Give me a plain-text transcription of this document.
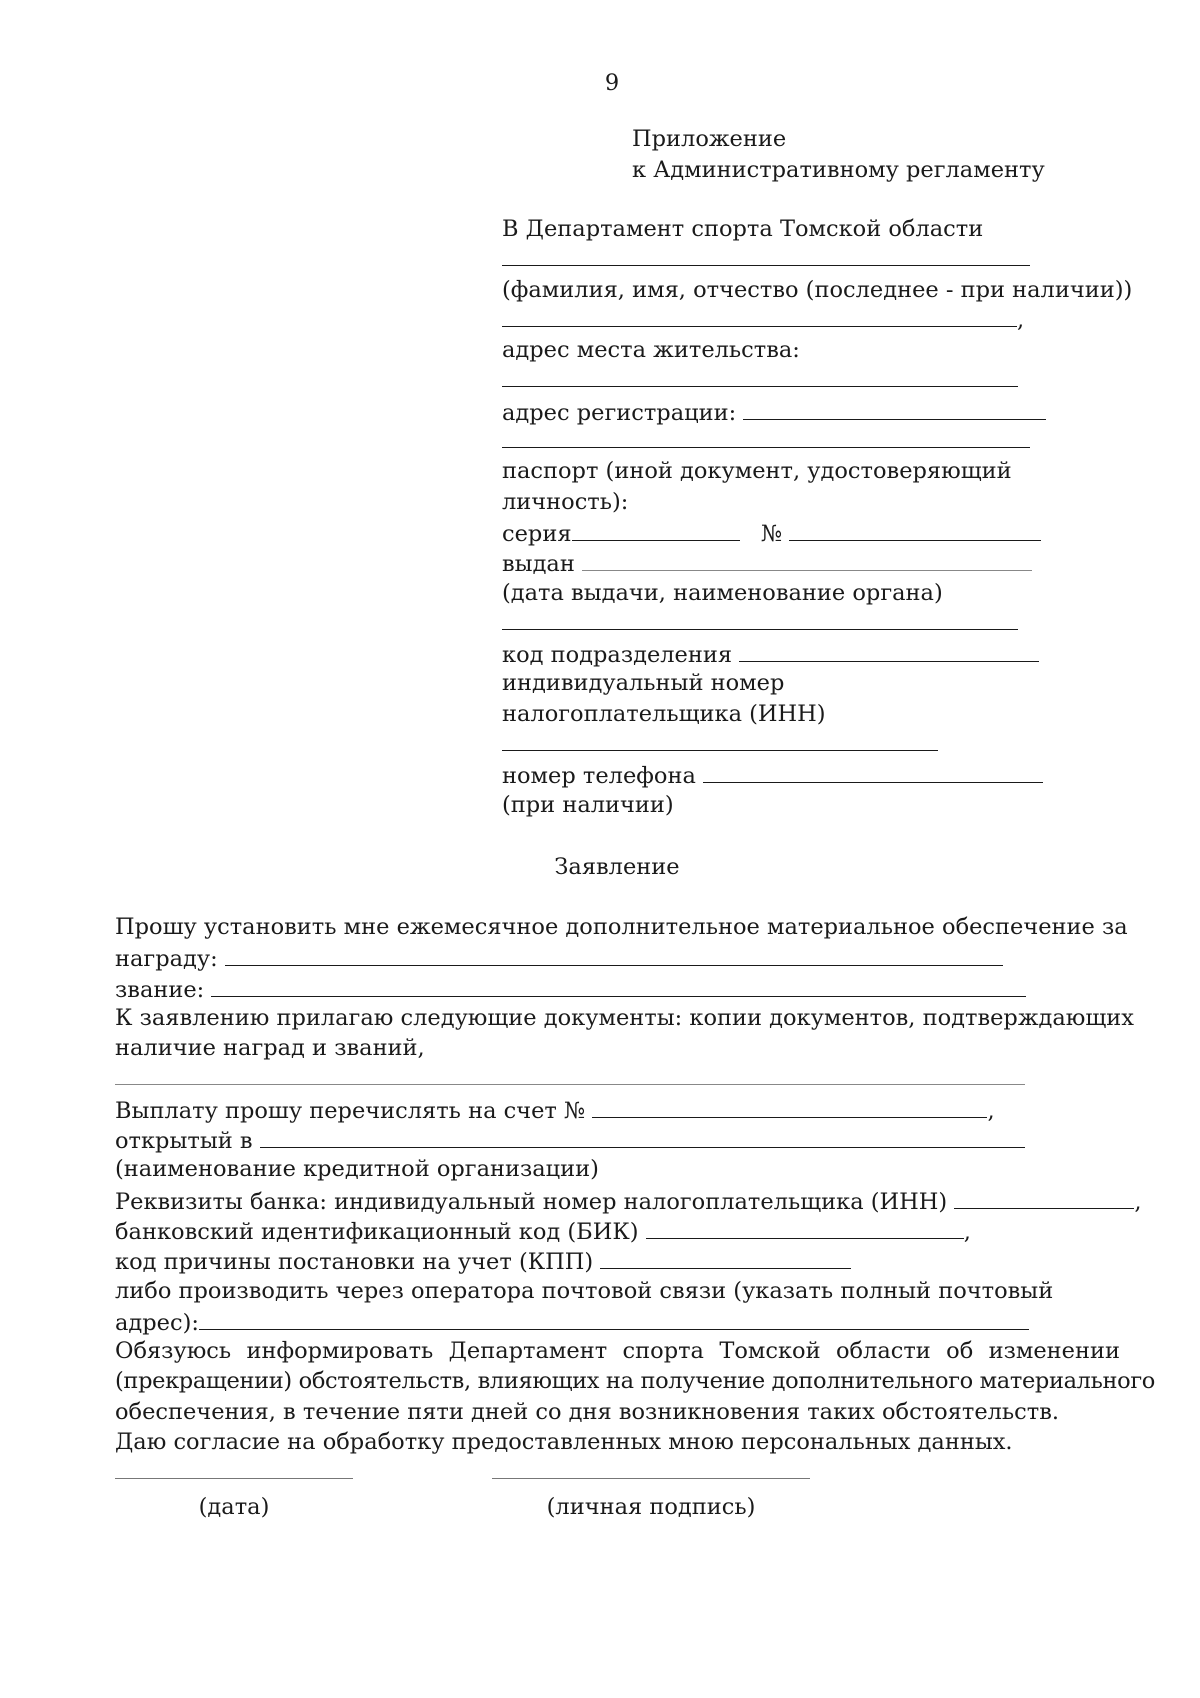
9
Приложение
к Административному регламенту
В Департамент спорта Томской области
(фамилия, имя, отчество (последнее - при наличии))
,
адрес места жительства:
адрес регистрации:
паспорт (иной документ, удостоверяющий
личность):
серия	№
выдан
(дата выдачи, наименование органа)
код подразделения
индивидуальный номер
налогоплательщика (ИНН)
номер телефона
(при наличии)
Заявление
Прошу установить мне ежемесячное дополнительное материальное обеспечение за
награду:
звание:
К заявлению прилагаю следующие документы: копии документов, подтверждающих
наличие наград и званий,
Выплату прошу перечислять на счет №	,
открытый в
(наименование кредитной организации)
Реквизиты банка: индивидуальный номер налогоплательщика (ИНН)	,
банковский идентификационный код (БИК)	,
код причины постановки на учет (КПП)
либо производить через оператора почтовой связи (указать полный почтовый
адрес):
Обязуюсь информировать Департамент спорта Томской области об изменении
(прекращении) обстоятельств, влияющих на получение дополнительного материального
обеспечения, в течение пяти дней со дня возникновения таких обстоятельств.
Даю согласие на обработку предоставленных мною персональных данных.
(дата)	(личная подпись)
